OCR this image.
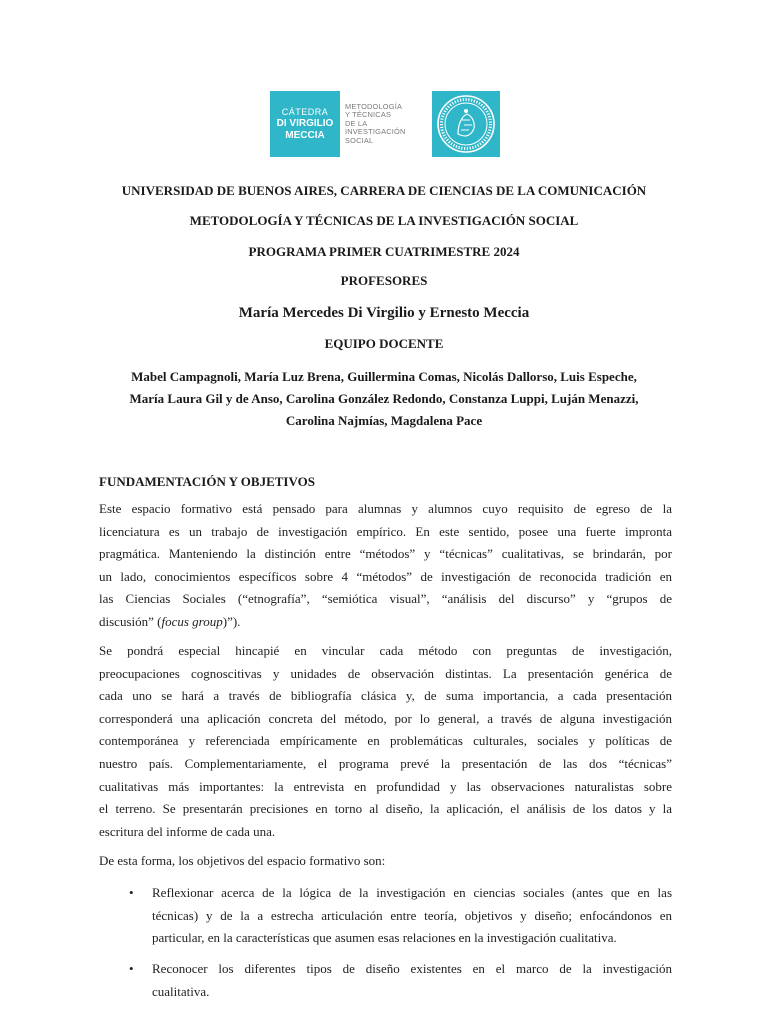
CÁTEDRA
DI VIRGILIO
MECCIA
METODOLOGÍA
Y TÉCNICAS
DE LA
INVESTIGACIÓN
SOCIAL
UNIVERSIDAD DE BUENOS AIRES, CARRERA DE CIENCIAS DE LA COMUNICACIÓN
METODOLOGÍA Y TÉCNICAS DE LA INVESTIGACIÓN SOCIAL
PROGRAMA PRIMER CUATRIMESTRE 2024
PROFESORES
María Mercedes Di Virgilio y Ernesto Meccia
EQUIPO DOCENTE
Mabel Campagnoli, María Luz Brena, Guillermina Comas, Nicolás Dallorso, Luis Espeche,
María Laura Gil y de Anso, Carolina González Redondo, Constanza Luppi, Luján Menazzi,
Carolina Najmías, Magdalena Pace
FUNDAMENTACIÓN Y OBJETIVOS
Este espacio formativo está pensado para alumnas y alumnos cuyo requisito de egreso de la
licenciatura es un trabajo de investigación empírico. En este sentido, posee una fuerte impronta
pragmática. Manteniendo la distinción entre “métodos” y “técnicas” cualitativas, se brindarán, por
un lado, conocimientos específicos sobre 4 “métodos” de investigación de reconocida tradición en
las Ciencias Sociales (“etnografía”, “semiótica visual”, “análisis del discurso” y “grupos de
discusión” (focus group)”).
Se pondrá especial hincapié en vincular cada método con preguntas de investigación,
preocupaciones cognoscitivas y unidades de observación distintas. La presentación genérica de
cada uno se hará a través de bibliografía clásica y, de suma importancia, a cada presentación
corresponderá una aplicación concreta del método, por lo general, a través de alguna investigación
contemporánea y referenciada empíricamente en problemáticas culturales, sociales y políticas de
nuestro país. Complementariamente, el programa prevé la presentación de las dos “técnicas”
cualitativas más importantes: la entrevista en profundidad y las observaciones naturalistas sobre
el terreno. Se presentarán precisiones en torno al diseño, la aplicación, el análisis de los datos y la
escritura del informe de cada una.
De esta forma, los objetivos del espacio formativo son:
• Reflexionar acerca de la lógica de la investigación en ciencias sociales (antes que en las
técnicas) y de la a estrecha articulación entre teoría, objetivos y diseño; enfocándonos en
particular, en la características que asumen esas relaciones en la investigación cualitativa.
• Reconocer los diferentes tipos de diseño existentes en el marco de la investigación
cualitativa.
